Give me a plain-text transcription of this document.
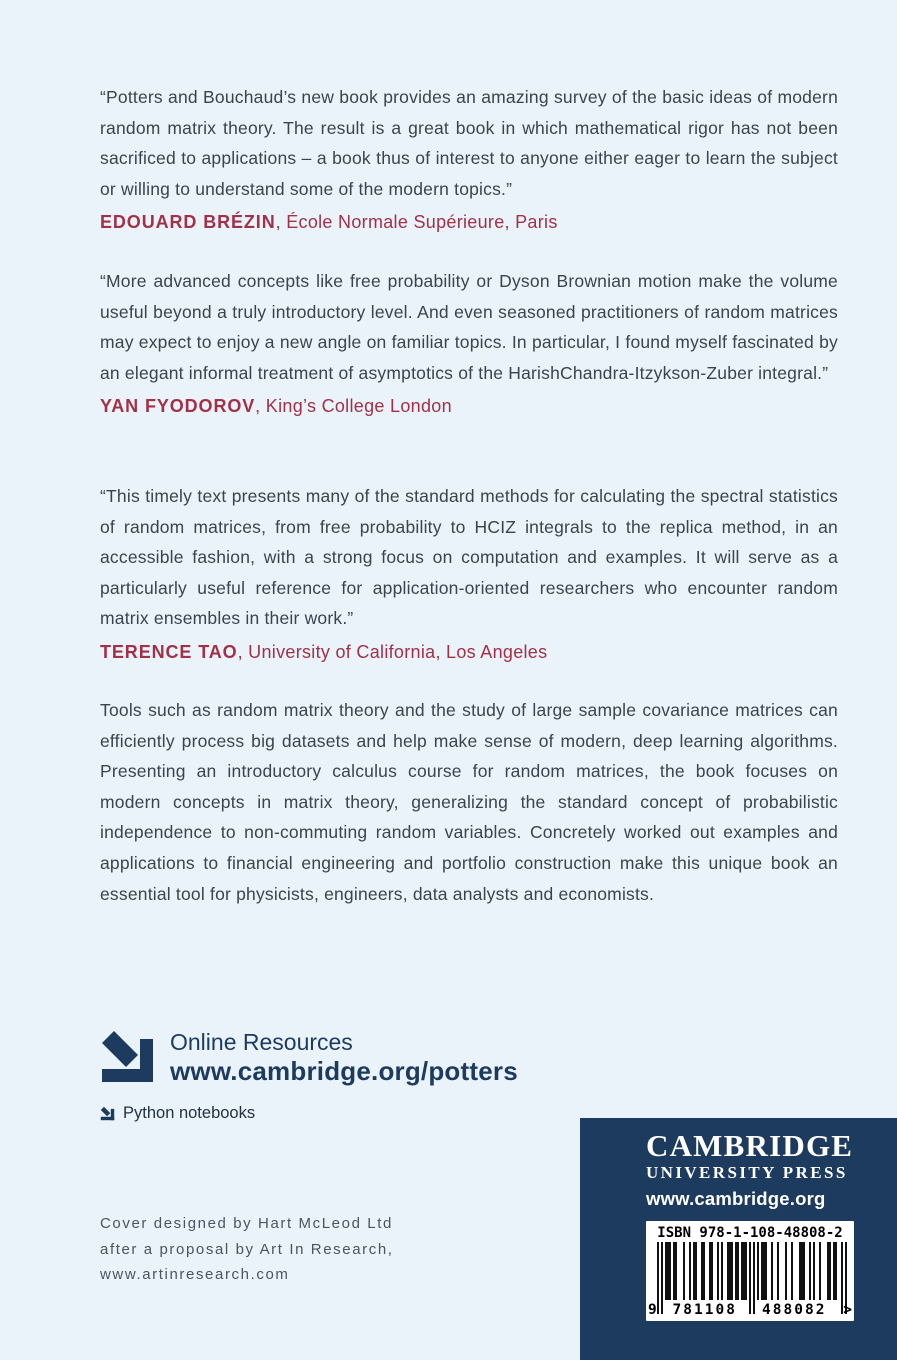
“Potters and Bouchaud’s new book provides an amazing survey of the basic ideas of modern random matrix theory. The result is a great book in which mathematical rigor has not been sacrificed to applications – a book thus of interest to anyone either eager to learn the subject or willing to understand some of the modern topics.”

EDOUARD BRÉZIN, École Normale Supérieure, Paris

“More advanced concepts like free probability or Dyson Brownian motion make the volume useful beyond a truly introductory level. And even seasoned practitioners of random matrices may expect to enjoy a new angle on familiar topics. In particular, I found myself fascinated by an elegant informal treatment of asymptotics of the HarishChandra-Itzykson-Zuber integral.”

YAN FYODOROV, King’s College London

“This timely text presents many of the standard methods for calculating the spectral statistics of random matrices, from free probability to HCIZ integrals to the replica method, in an accessible fashion, with a strong focus on computation and examples. It will serve as a particularly useful reference for application-oriented researchers who encounter random matrix ensembles in their work.”

TERENCE TAO, University of California, Los Angeles

Tools such as random matrix theory and the study of large sample covariance matrices can efficiently process big datasets and help make sense of modern, deep learning algorithms. Presenting an introductory calculus course for random matrices, the book focuses on modern concepts in matrix theory, generalizing the standard concept of probabilistic independence to non-commuting random variables. Concretely worked out examples and applications to financial engineering and portfolio construction make this unique book an essential tool for physicists, engineers, data analysts and economists.

Online Resources
www.cambridge.org/potters
Python notebooks
Cover designed by Hart McLeod Ltd
after a proposal by Art In Research,
www.artinresearch.com
CAMBRIDGE
UNIVERSITY PRESS
www.cambridge.org
ISBN 978-1-108-48808-2
9	781108	488082	>
